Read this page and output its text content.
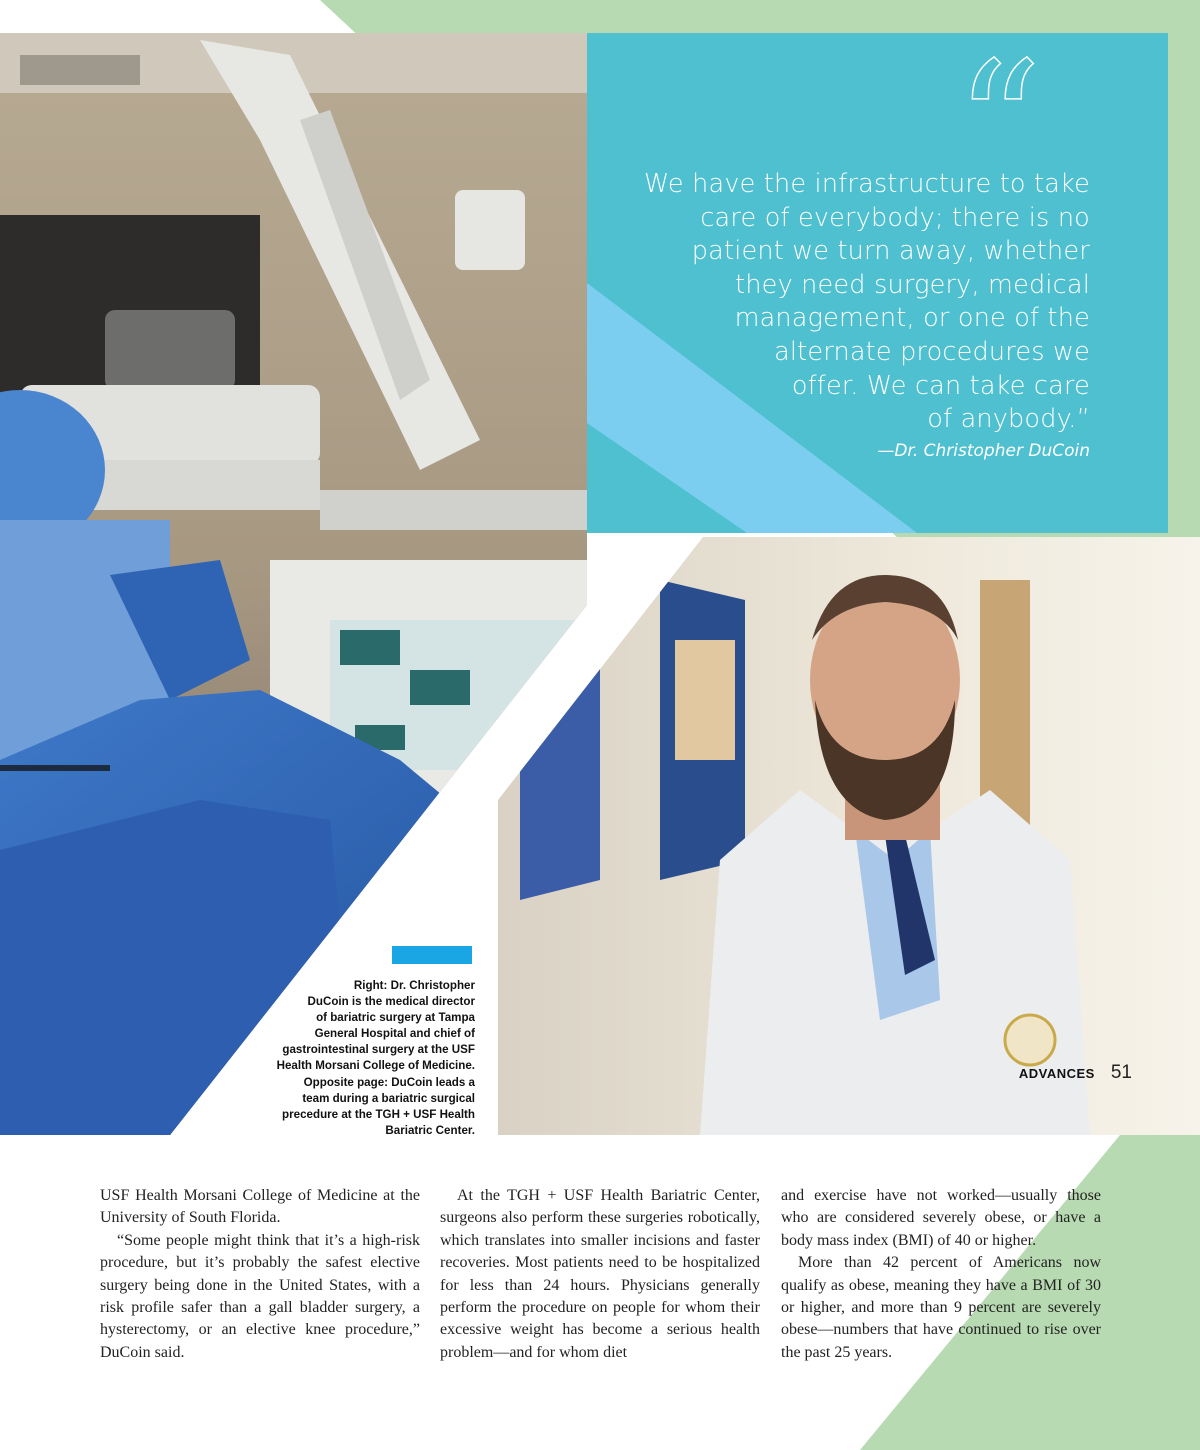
“
We have the infrastructure to take
care of everybody; there is no
patient we turn away, whether
they need surgery, medical
management, or one of the
alternate procedures we
offer. We can take care
of anybody.”
—Dr. Christopher DuCoin
Right: Dr. Christopher
DuCoin is the medical director
of bariatric surgery at Tampa
General Hospital and chief of
gastrointestinal surgery at the USF
Health Morsani College of Medicine.
Opposite page: DuCoin leads a
team during a bariatric surgical
precedure at the TGH + USF Health
Bariatric Center.

USF Health Morsani College of Medicine at the University of South Florida.

“Some people might think that it’s a high-risk procedure, but it’s probably the safest elective surgery being done in the United States, with a risk profile safer than a gall bladder surgery, a hysterectomy, or an elective knee procedure,” DuCoin said.

At the TGH + USF Health Bariatric Center, surgeons also perform these surgeries robotically, which translates into smaller incisions and faster recoveries. Most patients need to be hospitalized for less than 24 hours. Physicians generally perform the procedure on people for whom their excessive weight has become a serious health problem—and for whom diet

and exercise have not worked—usually those who are considered severely obese, or have a body mass index (BMI) of 40 or higher.

More than 42 percent of Americans now qualify as obese, meaning they have a BMI of 30 or higher, and more than 9 percent are severely obese—numbers that have continued to rise over the past 25 years.

ADVANCES 51
